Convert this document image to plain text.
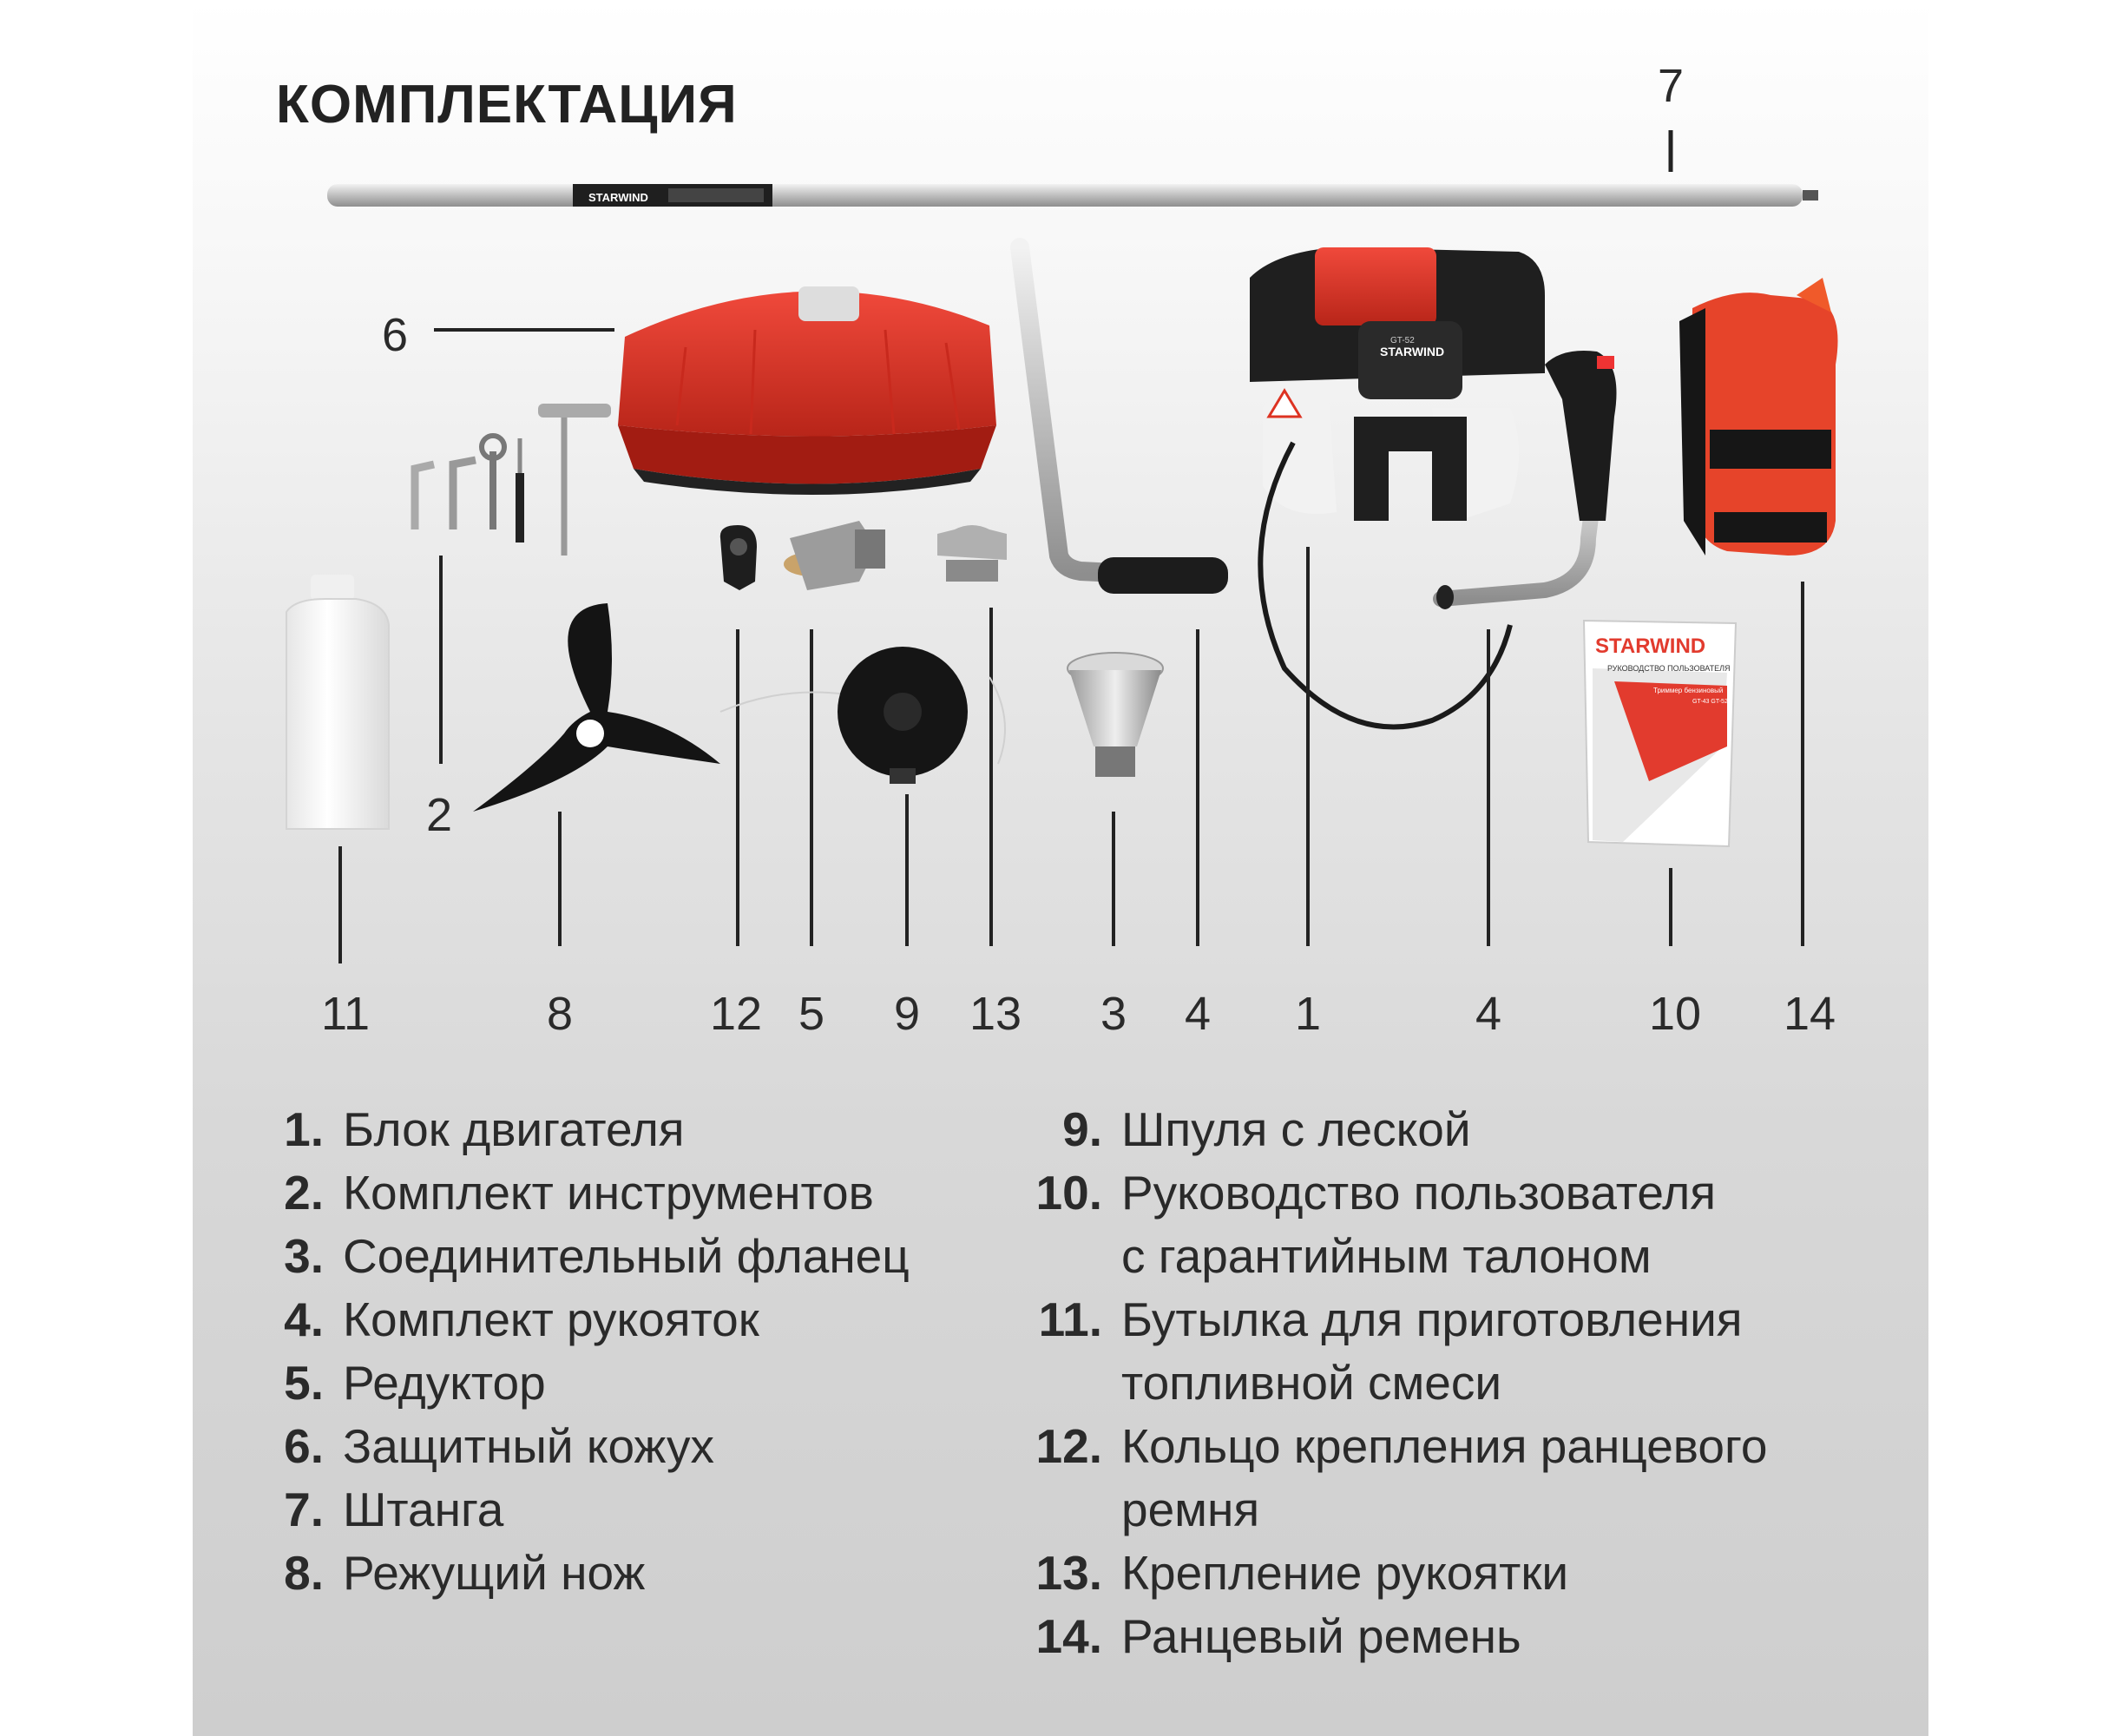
КОМПЛЕКТАЦИЯ
STARWIND
STARWIND
GT-52
STARWIND
РУКОВОДСТВО ПОЛЬЗОВАТЕЛЯ
Триммер бензиновый
GT-43 GT-52
7
6
2
11	8	12 5 9 13 3 4 1	4	10 14
1. Блок двигателя
2. Комплект инструментов
3. Соединительный фланец
4. Комплект рукояток
5. Редуктор
6. Защитный кожух
7. Штанга
8. Режущий нож
9. Шпуля с леской
10. Руководство пользователя
с гарантийным талоном
11. Бутылка для приготовления
топливной смеси
12. Кольцо крепления ранцевого
ремня
13. Крепление рукоятки
14. Ранцевый ремень
